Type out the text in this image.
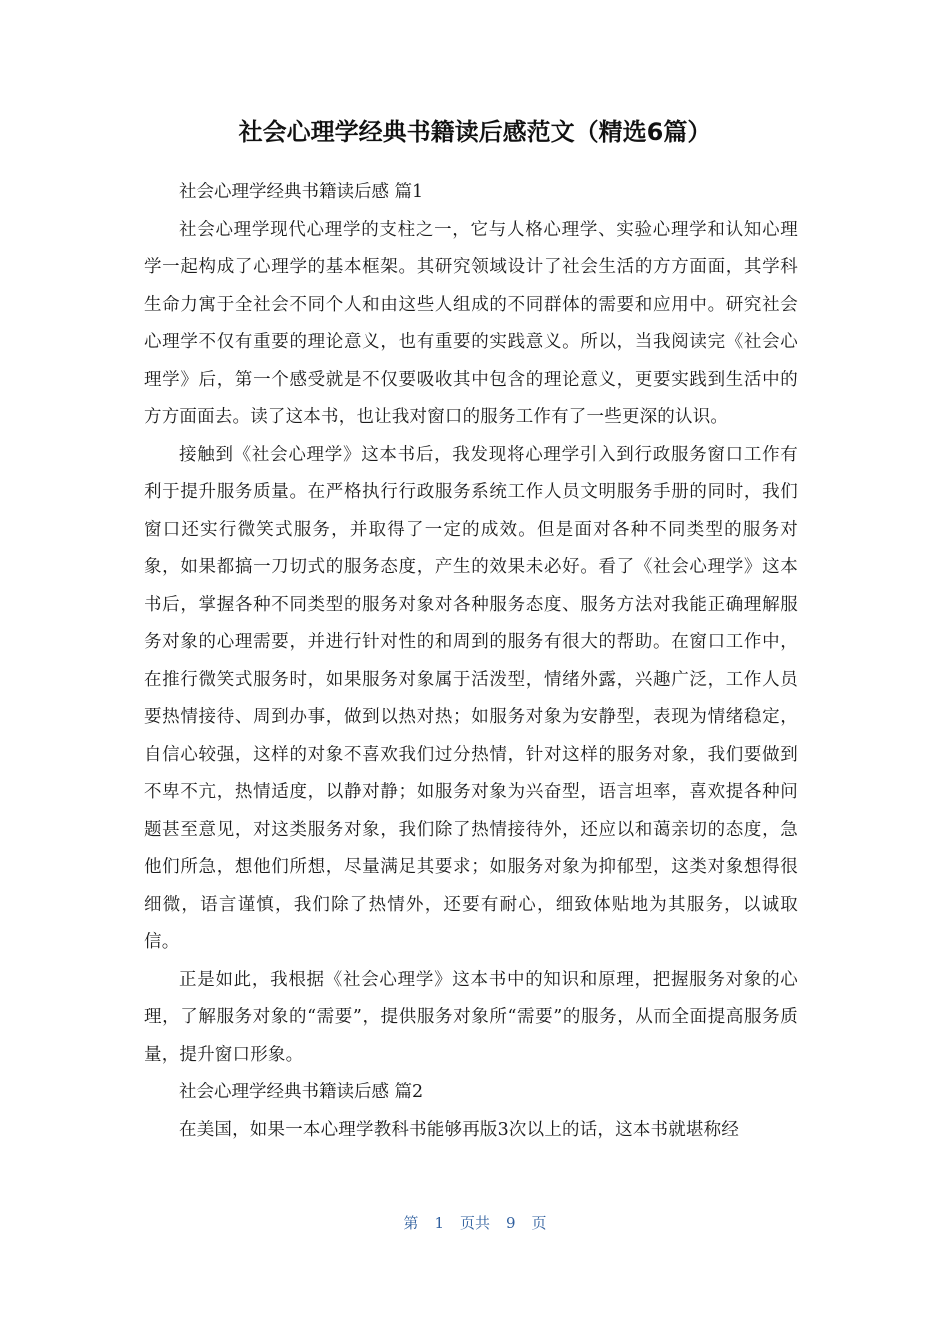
社会心理学经典书籍读后感范文（精选6篇）

社会心理学经典书籍读后感 篇1

社会心理学现代心理学的支柱之一，它与人格心理学、实验心理学和认知心理学一起构成了心理学的基本框架。其研究领域设计了社会生活的方方面面，其学科生命力寓于全社会不同个人和由这些人组成的不同群体的需要和应用中。研究社会心理学不仅有重要的理论意义，也有重要的实践意义。所以，当我阅读完《社会心理学》后，第一个感受就是不仅要吸收其中包含的理论意义，更要实践到生活中的方方面面去。读了这本书，也让我对窗口的服务工作有了一些更深的认识。

接触到《社会心理学》这本书后，我发现将心理学引入到行政服务窗口工作有利于提升服务质量。在严格执行行政服务系统工作人员文明服务手册的同时，我们窗口还实行微笑式服务，并取得了一定的成效。但是面对各种不同类型的服务对象，如果都搞一刀切式的服务态度，产生的效果未必好。看了《社会心理学》这本书后，掌握各种不同类型的服务对象对各种服务态度、服务方法对我能正确理解服务对象的心理需要，并进行针对性的和周到的服务有很大的帮助。在窗口工作中，在推行微笑式服务时，如果服务对象属于活泼型，情绪外露，兴趣广泛，工作人员要热情接待、周到办事，做到以热对热；如服务对象为安静型，表现为情绪稳定，自信心较强，这样的对象不喜欢我们过分热情，针对这样的服务对象，我们要做到不卑不亢，热情适度，以静对静；如服务对象为兴奋型，语言坦率，喜欢提各种问题甚至意见，对这类服务对象，我们除了热情接待外，还应以和蔼亲切的态度，急他们所急，想他们所想，尽量满足其要求；如服务对象为抑郁型，这类对象想得很细微，语言谨慎，我们除了热情外，还要有耐心，细致体贴地为其服务，以诚取信。

正是如此，我根据《社会心理学》这本书中的知识和原理，把握服务对象的心理，了解服务对象的“需要”，提供服务对象所“需要”的服务，从而全面提高服务质量，提升窗口形象。

社会心理学经典书籍读后感 篇2

在美国，如果一本心理学教科书能够再版3次以上的话，这本书就堪称经

第 1 页共 9 页
